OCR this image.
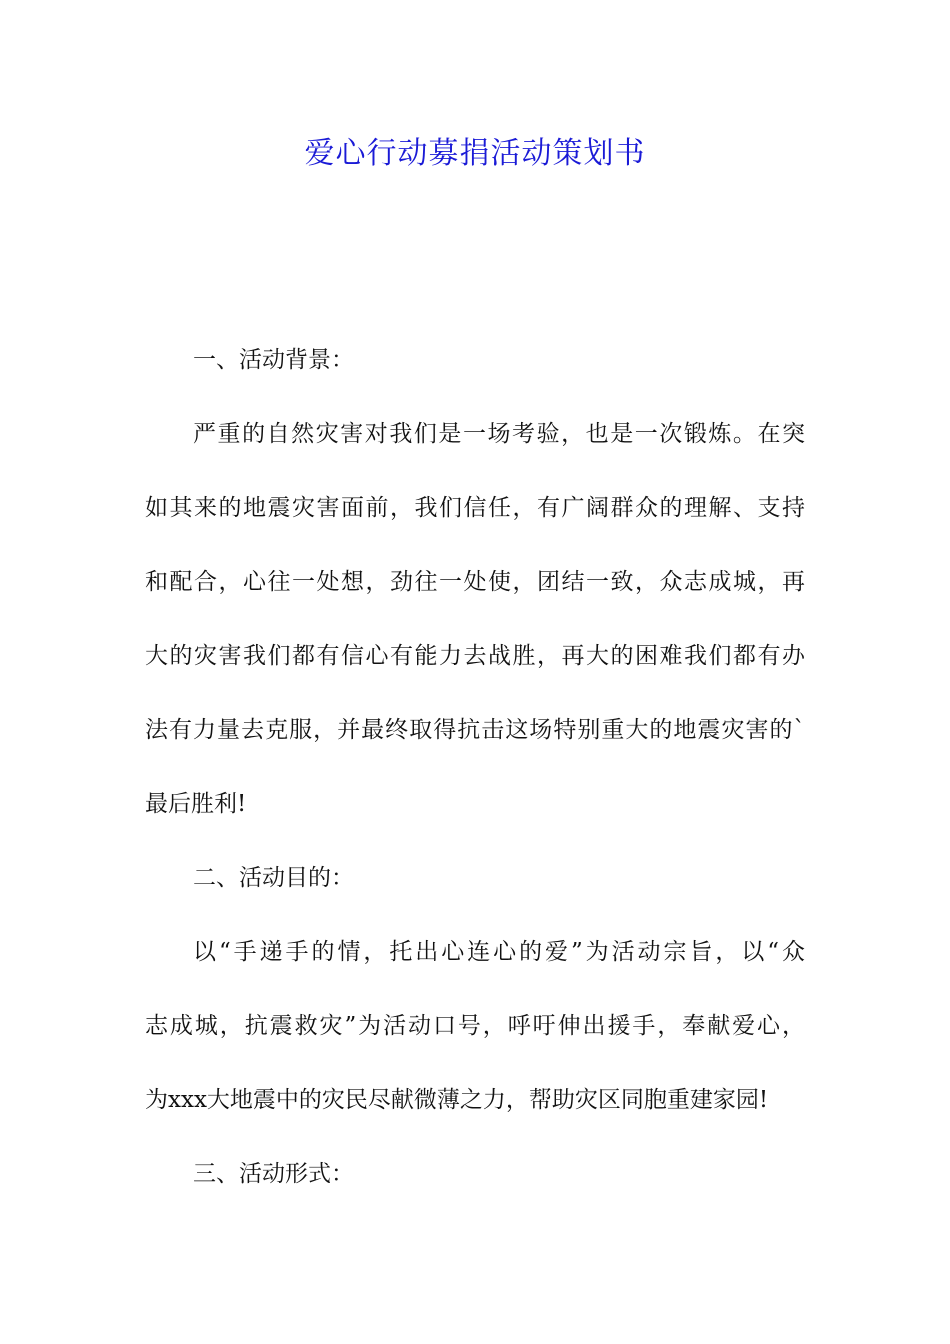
爱心行动募捐活动策划书

一、活动背景：

严重的自然灾害对我们是一场考验，也是一次锻炼。在突

如其来的地震灾害面前，我们信任，有广阔群众的理解、支持

和配合，心往一处想，劲往一处使，团结一致，众志成城，再

大的灾害我们都有信心有能力去战胜，再大的困难我们都有办

法有力量去克服，并最终取得抗击这场特别重大的地震灾害的`

最后胜利!

二、活动目的：

以“手递手的情，托出心连心的爱”为活动宗旨，以“众

志成城，抗震救灾”为活动口号，呼吁伸出援手，奉献爱心，

为xxx大地震中的灾民尽献微薄之力，帮助灾区同胞重建家园!

三、活动形式：
